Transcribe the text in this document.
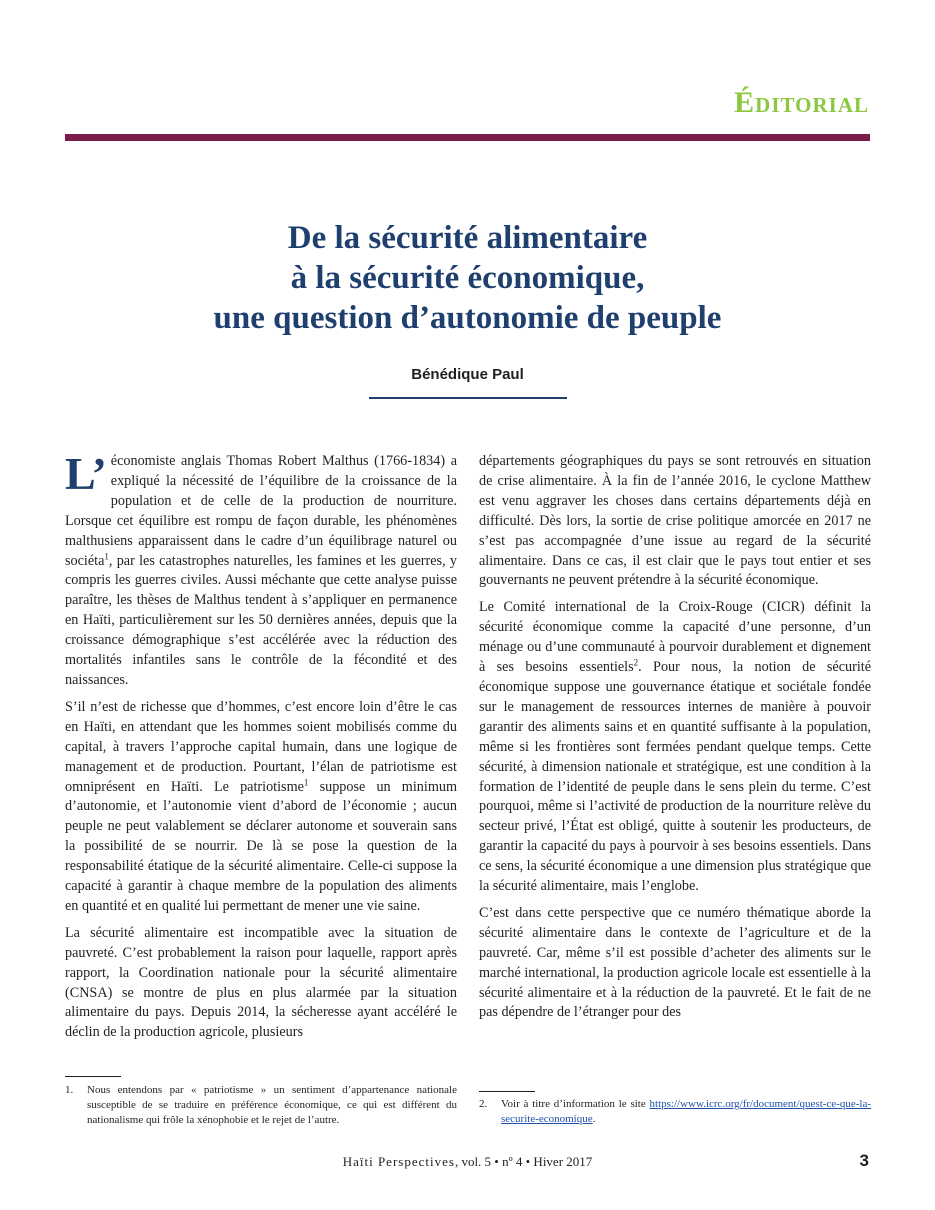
Éditorial
De la sécurité alimentaire
à la sécurité économique,
une question d’autonomie de peuple
Bénédique Paul

L’ économiste anglais Thomas Robert Malthus (1766-1834) a expliqué la nécessité de l’équilibre de la croissance de la population et de celle de la production de nourriture. Lorsque cet équilibre est rompu de façon durable, les phénomènes malthusiens apparaissent dans le cadre d’un équilibrage naturel ou sociéta$^1$, par les catastrophes naturelles, les famines et les guerres, y compris les guerres civiles. Aussi méchante que cette analyse puisse paraître, les thèses de Malthus tendent à s’appliquer en permanence en Haïti, particulièrement sur les 50 dernières années, depuis que la croissance démographique s’est accélérée avec la réduction des mortalités infantiles sans le contrôle de la fécondité et des naissances.

S’il n’est de richesse que d’hommes, c’est encore loin d’être le cas en Haïti, en attendant que les hommes soient mobilisés comme du capital, à travers l’approche capital humain, dans une logique de management et de production. Pourtant, l’élan de patriotisme est omniprésent en Haïti. Le patriotisme$^1$ suppose un minimum d’autonomie, et l’autonomie vient d’abord de l’économie ; aucun peuple ne peut valablement se déclarer autonome et souverain sans la possibilité de se nourrir. De là se pose la question de la responsabilité étatique de la sécurité alimentaire. Celle-ci suppose la capacité à garantir à chaque membre de la population des aliments en quantité et en qualité lui permettant de mener une vie saine.

La sécurité alimentaire est incompatible avec la situation de pauvreté. C’est probablement la raison pour laquelle, rapport après rapport, la Coordination nationale pour la sécurité alimentaire (CNSA) se montre de plus en plus alarmée par la situation alimentaire du pays. Depuis 2014, la sécheresse ayant accéléré le déclin de la production agricole, plusieurs

départements géographiques du pays se sont retrouvés en situation de crise alimentaire. À la fin de l’année 2016, le cyclone Matthew est venu aggraver les choses dans certains départements déjà en difficulté. Dès lors, la sortie de crise politique amorcée en 2017 ne s’est pas accompagnée d’une issue au regard de la sécurité alimentaire. Dans ce cas, il est clair que le pays tout entier et ses gouvernants ne peuvent prétendre à la sécurité économique.

Le Comité international de la Croix-Rouge (CICR) définit la sécurité économique comme la capacité d’une personne, d’un ménage ou d’une communauté à pourvoir durablement et dignement à ses besoins essentiels$^2$. Pour nous, la notion de sécurité économique suppose une gouvernance étatique et sociétale fondée sur le management de ressources internes de manière à pouvoir garantir des aliments sains et en quantité suffisante à la population, même si les frontières sont fermées pendant quelque temps. Cette sécurité, à dimension nationale et stratégique, est une condition à la formation de l’identité de peuple dans le sens plein du terme. C’est pourquoi, même si l’activité de production de la nourriture relève du secteur privé, l’État est obligé, quitte à soutenir les producteurs, de garantir la capacité du pays à pourvoir à ses besoins essentiels. Dans ce sens, la sécurité économique a une dimension plus stratégique que la sécurité alimentaire, mais l’englobe.

C’est dans cette perspective que ce numéro thématique aborde la sécurité alimentaire dans le contexte de l’agriculture et de la pauvreté. Car, même s’il est possible d’acheter des aliments sur le marché international, la production agricole locale est essentielle à la sécurité alimentaire et à la réduction de la pauvreté. Et le fait de ne pas dépendre de l’étranger pour des

1. Nous entendons par « patriotisme » un sentiment d’appartenance nationale susceptible de se traduire en préférence économique, ce qui est différent du nationalisme qui frôle la xénophobie et le rejet de l’autre.
2. Voir à titre d’information le site https://www.icrc.org/fr/document/quest-ce-que-la-securite-economique.
Haïti Perspectives, vol. 5 • nº 4 • Hiver 2017	3
